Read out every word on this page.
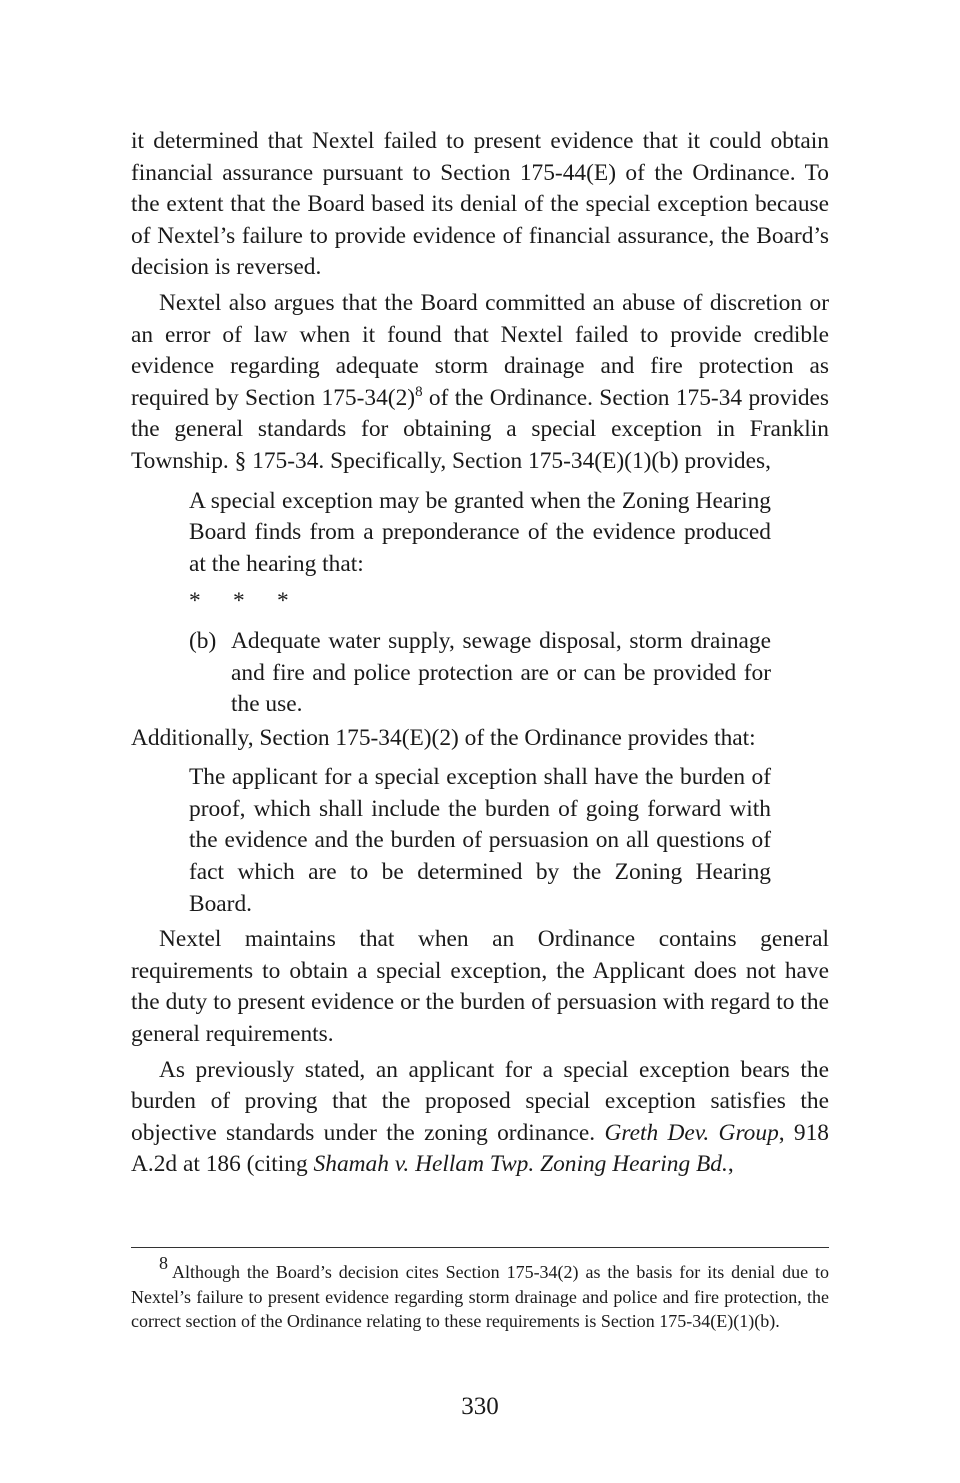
it determined that Nextel failed to present evidence that it could obtain financial assurance pursuant to Section 175-44(E) of the Ordinance. To the extent that the Board based its denial of the special exception because of Nextel’s failure to provide evidence of financial assurance, the Board’s decision is reversed.

Nextel also argues that the Board committed an abuse of discretion or an error of law when it found that Nextel failed to provide credible evidence regarding adequate storm drainage and fire protection as required by Section $175-34(2)^8$ of the Ordinance. Section 175-34 provides the general standards for obtaining a special exception in Franklin Township. § 175-34. Specifically, Section 175-34(E)(1)(b) provides,

A special exception may be granted when the Zoning Hearing Board finds from a preponderance of the evidence produced at the hearing that:

* * *
(b) Adequate water supply, sewage disposal, storm drainage and fire and police protection are or can be provided for the use.

Additionally, Section 175-34(E)(2) of the Ordinance provides that:

The applicant for a special exception shall have the burden of proof, which shall include the burden of going forward with the evidence and the burden of persuasion on all questions of fact which are to be determined by the Zoning Hearing Board.

Nextel maintains that when an Ordinance contains general requirements to obtain a special exception, the Applicant does not have the duty to present evidence or the burden of persuasion with regard to the general requirements.

As previously stated, an applicant for a special exception bears the burden of proving that the proposed special exception satisfies the objective standards under the zoning ordinance. Greth Dev. Group, 918 A.2d at 186 (citing Shamah v. Hellam Twp. Zoning Hearing Bd.,

$^8$ Although the Board’s decision cites Section 175-34(2) as the basis for its denial due to Nextel’s failure to present evidence regarding storm drainage and police and fire protection, the correct section of the Ordinance relating to these requirements is Section 175-34(E)(1)(b).
330
